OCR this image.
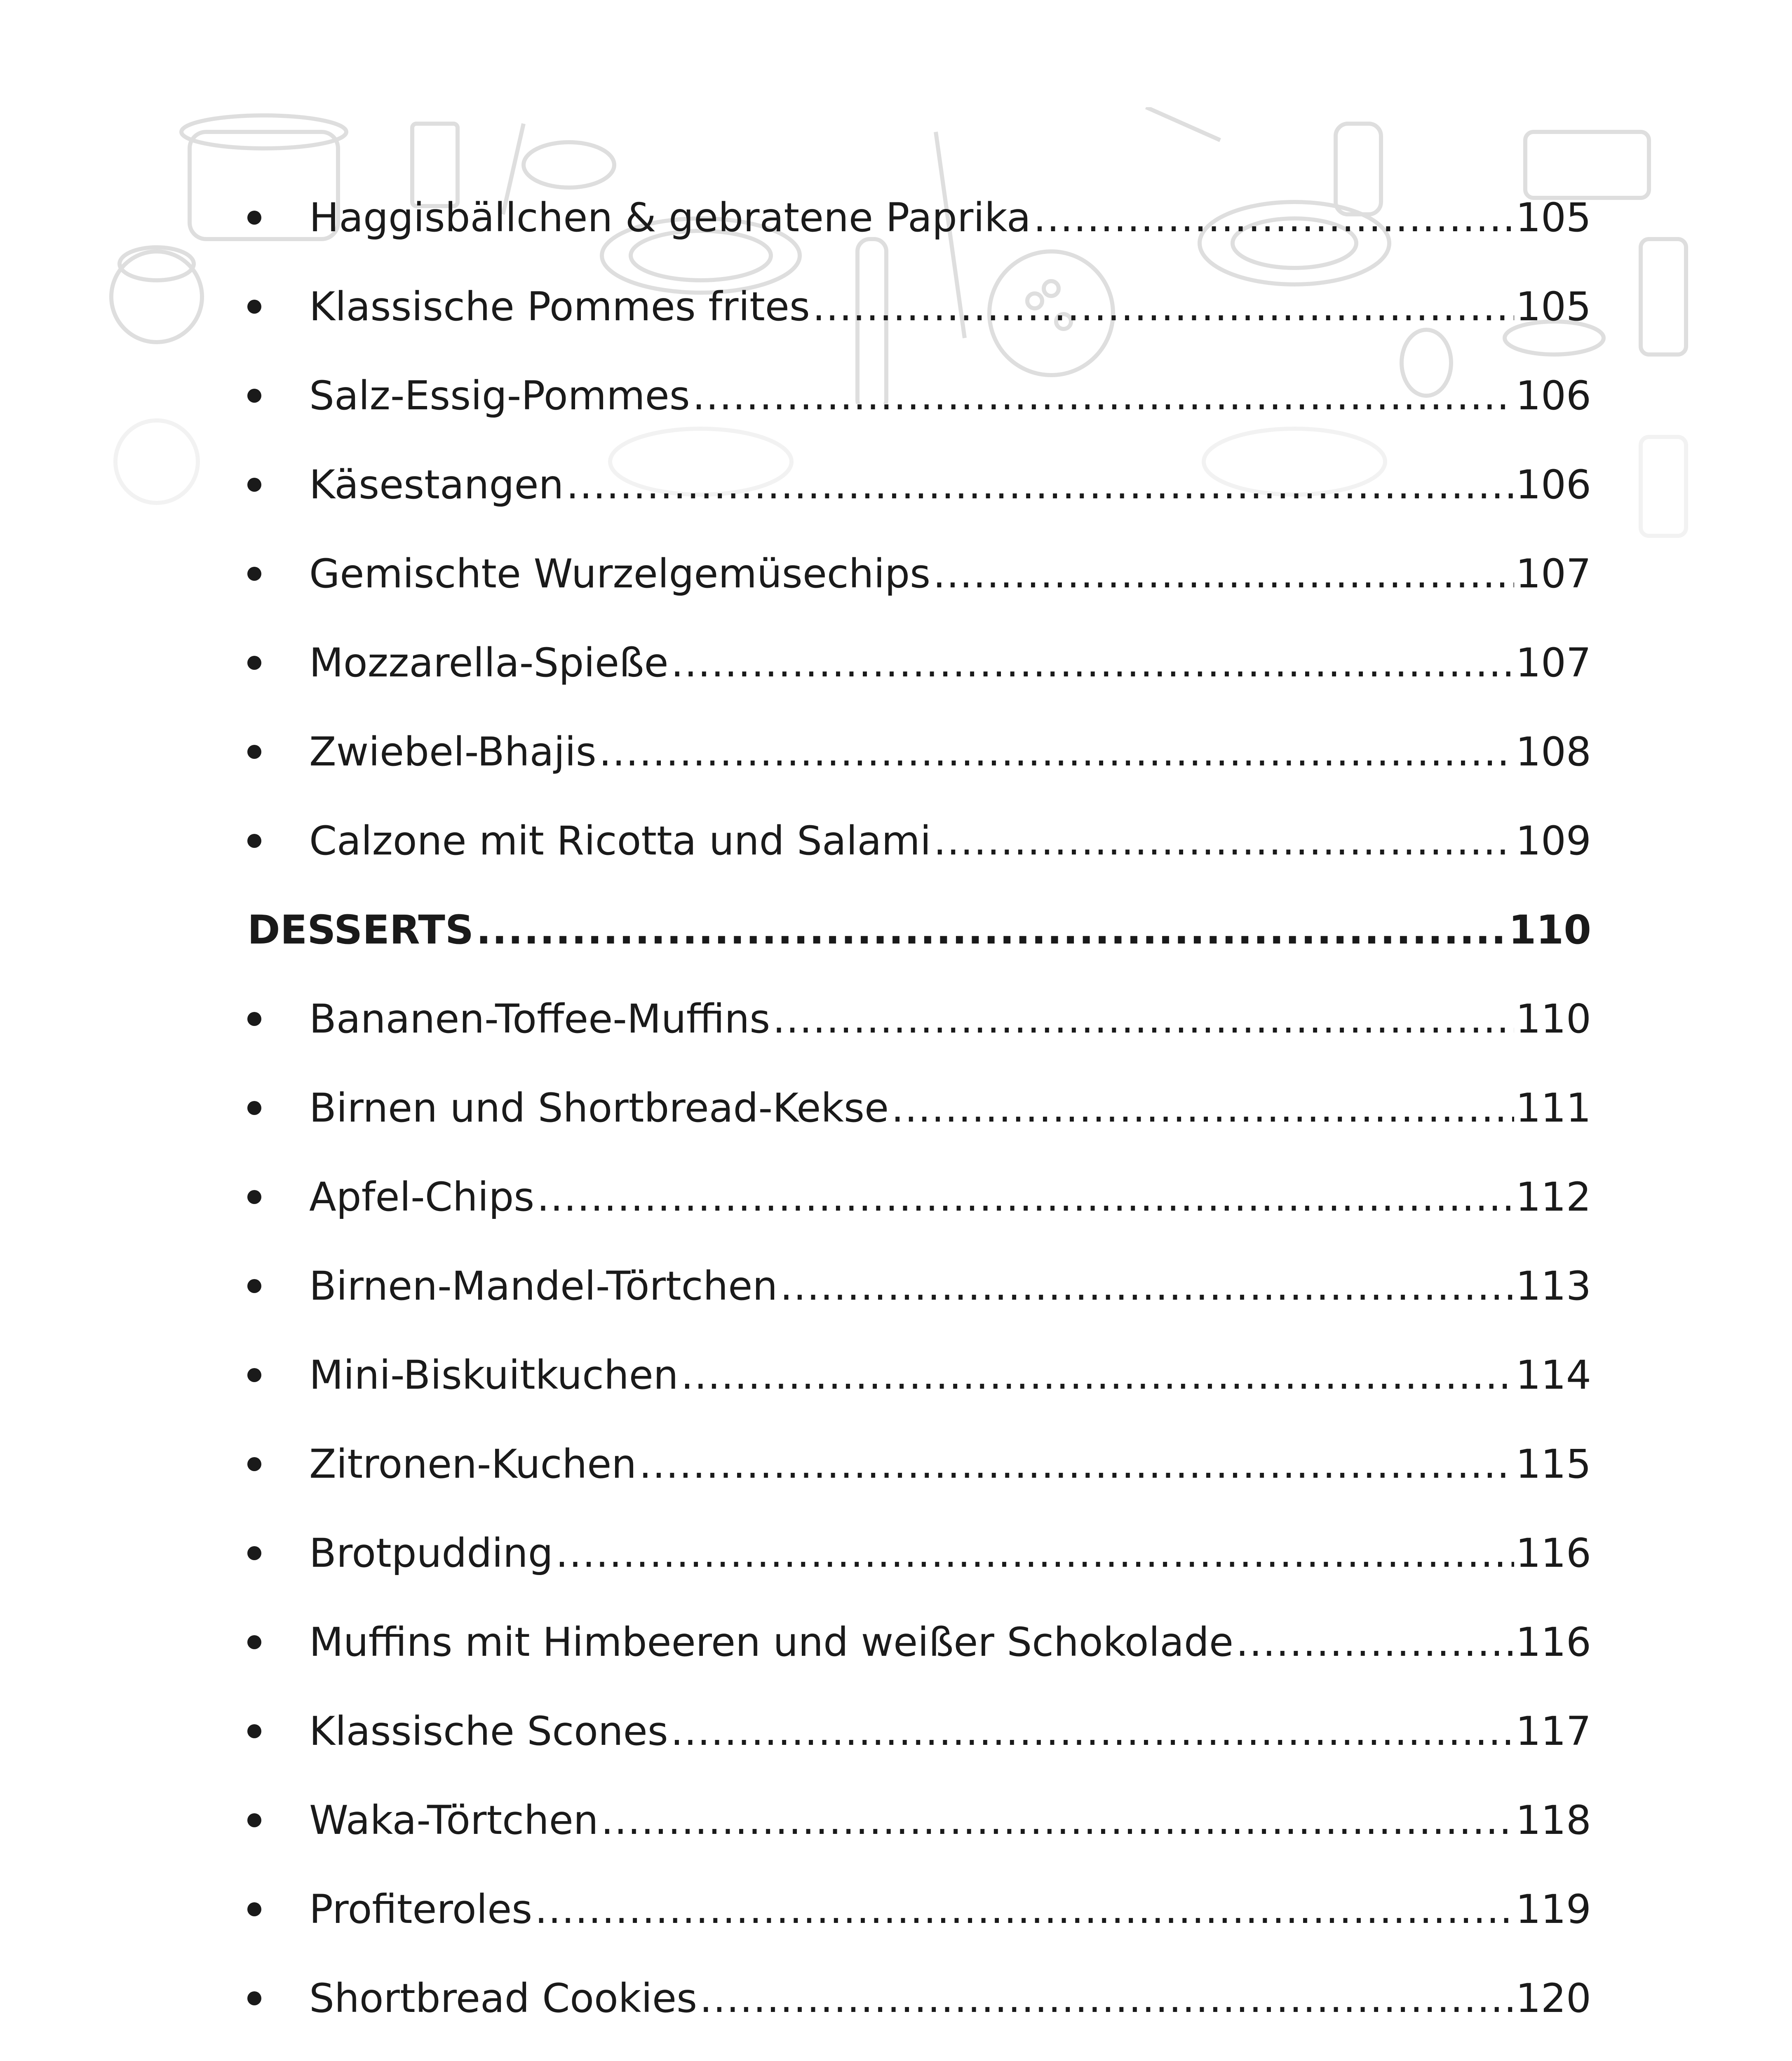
Haggisbällchen & gebratene Paprika .....	105
Klassische Pommes frites .....	105
Salz-Essig-Pommes .....	106
Käsestangen .....	106
Gemischte Wurzelgemüsechips .....	107
Mozzarella-Spieße .....	107
Zwiebel-Bhajis .....	108
Calzone mit Ricotta und Salami .....	109
DESSERTS .....	110
Bananen-Toffee-Muffins .....	110
Birnen und Shortbread-Kekse .....	111
Apfel-Chips .....	112
Birnen-Mandel-Törtchen .....	113
Mini-Biskuitkuchen .....	114
Zitronen-Kuchen .....	115
Brotpudding .....	116
Muffins mit Himbeeren und weißer Schokolade .....	116
Klassische Scones .....	117
Waka-Törtchen .....	118
Profiteroles .....	119
Shortbread Cookies .....	120
